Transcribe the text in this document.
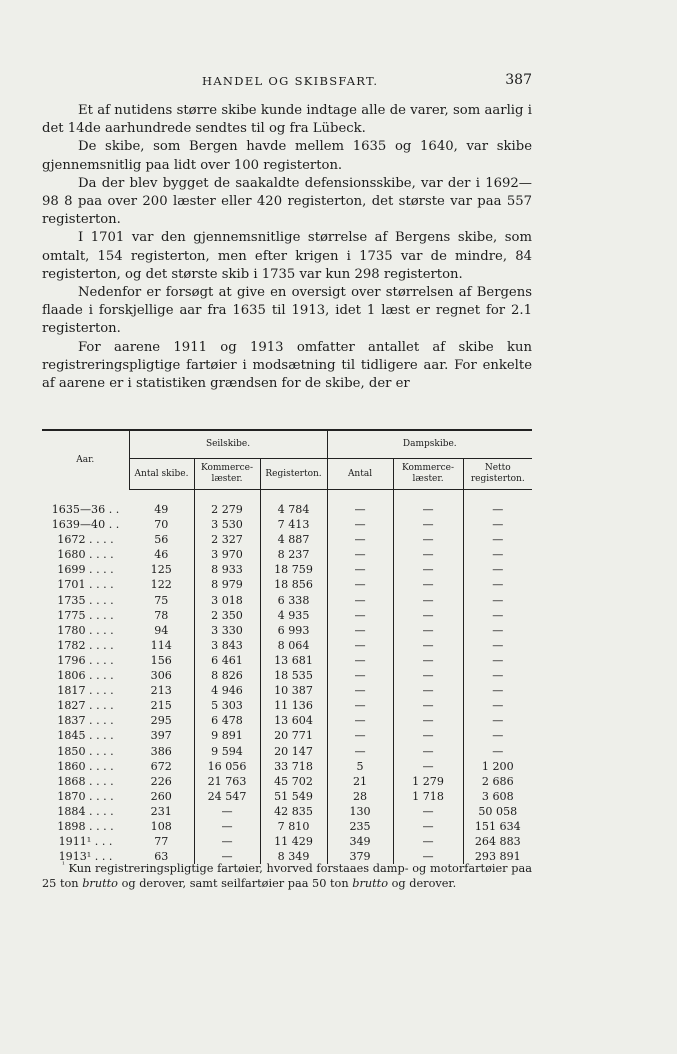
HANDEL OG SKIBSFART.	387

Et af nutidens større skibe kunde indtage alle de varer, som aarlig i det 14de aarhundrede sendtes til og fra Lübeck.

De skibe, som Bergen havde mellem 1635 og 1640, var skibe gjennemsnitlig paa lidt over 100 registerton.

Da der blev bygget de saakaldte defensionsskibe, var der i 1692—98 8 paa over 200 læster eller 420 registerton, det største var paa 557 registerton.

I 1701 var den gjennemsnitlige størrelse af Bergens skibe, som omtalt, 154 registerton, men efter krigen i 1735 var de mindre, 84 registerton, og det største skib i 1735 var kun 298 registerton.

Nedenfor er forsøgt at give en oversigt over størrelsen af Bergens flaade i forskjellige aar fra 1635 til 1913, idet 1 læst er regnet for 2.1 registerton.

For aarene 1911 og 1913 omfatter antallet af skibe kun registreringspligtige fartøier i modsætning til tidligere aar. For enkelte af aarene er i statistiken grændsen for de skibe, der er

Aar.	Seilskibe.			Dampskibe.		
	Antal skibe.	Kommerce-læster.	Registerton.	Antal	Kommerce-læster.	Netto registerton.
1635—36 . .	49	2 279	4 784	—	—	—
1639—40 . .	70	3 530	7 413	—	—	—
1672 . . . .	56	2 327	4 887	—	—	—
1680 . . . .	46	3 970	8 237	—	—	—
1699 . . . .	125	8 933	18 759	—	—	—
1701 . . . .	122	8 979	18 856	—	—	—
1735 . . . .	75	3 018	6 338	—	—	—
1775 . . . .	78	2 350	4 935	—	—	—
1780 . . . .	94	3 330	6 993	—	—	—
1782 . . . .	114	3 843	8 064	—	—	—
1796 . . . .	156	6 461	13 681	—	—	—
1806 . . . .	306	8 826	18 535	—	—	—
1817 . . . .	213	4 946	10 387	—	—	—
1827 . . . .	215	5 303	11 136	—	—	—
1837 . . . .	295	6 478	13 604	—	—	—
1845 . . . .	397	9 891	20 771	—	—	—
1850 . . . .	386	9 594	20 147	—	—	—
1860 . . . .	672	16 056	33 718	5	—	1 200
1868 . . . .	226	21 763	45 702	21	1 279	2 686
1870 . . . .	260	24 547	51 549	28	1 718	3 608
1884 . . . .	231	—	42 835	130	—	50 058
1898 . . . .	108	—	7 810	235	—	151 634
1911¹ . . .	77	—	11 429	349	—	264 883
1913¹ . . .	63	—	8 349	379	—	293 891

$^{^1}$ Kun registreringspligtige fartøier, hvorved forstaaes damp- og motorfartøier paa 25 ton brutto og derover, samt seilfartøier paa 50 ton brutto og derover.
